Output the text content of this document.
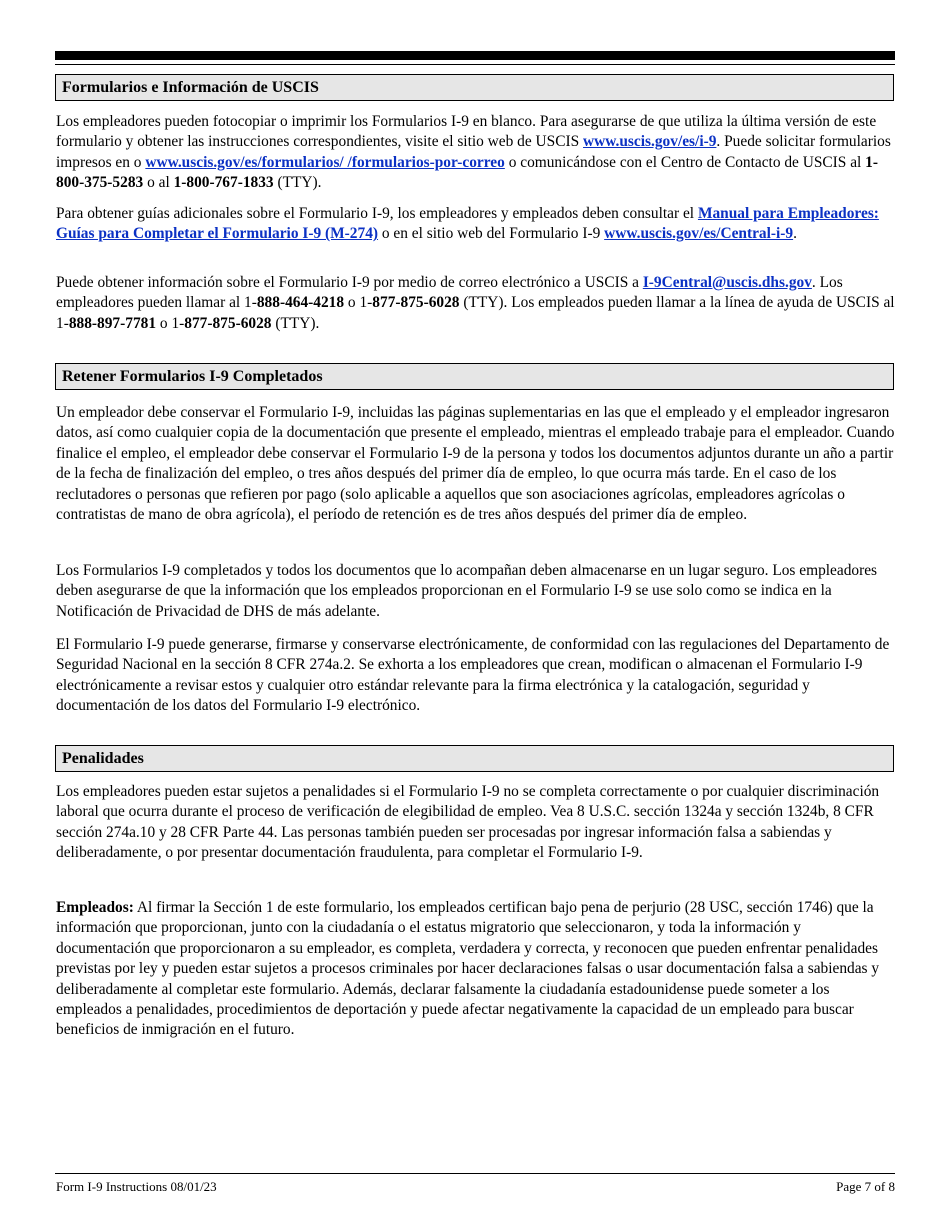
Formularios e Información de USCIS

Los empleadores pueden fotocopiar o imprimir los Formularios I-9 en blanco. Para asegurarse de que utiliza la última versión de este formulario y obtener las instrucciones correspondientes, visite el sitio web de USCIS www.uscis.gov/es/i-9. Puede solicitar formularios impresos en o www.uscis.gov/es/formularios/ /formularios-por-correo o comunicándose con el Centro de Contacto de USCIS al 1-800-375-5283 o al 1-800-767-1833 (TTY).

Para obtener guías adicionales sobre el Formulario I-9, los empleadores y empleados deben consultar el Manual para Empleadores: Guías para Completar el Formulario I-9 (M-274) o en el sitio web del Formulario I-9 www.uscis.gov/es/Central-i-9.

Puede obtener información sobre el Formulario I-9 por medio de correo electrónico a USCIS a I-9Central@uscis.dhs.gov. Los empleadores pueden llamar al 1-888-464-4218 o 1-877-875-6028 (TTY). Los empleados pueden llamar a la línea de ayuda de USCIS al 1-888-897-7781 o 1-877-875-6028 (TTY).

Retener Formularios I-9 Completados

Un empleador debe conservar el Formulario I-9, incluidas las páginas suplementarias en las que el empleado y el empleador ingresaron datos, así como cualquier copia de la documentación que presente el empleado, mientras el empleado trabaje para el empleador. Cuando finalice el empleo, el empleador debe conservar el Formulario I-9 de la persona y todos los documentos adjuntos durante un año a partir de la fecha de finalización del empleo, o tres años después del primer día de empleo, lo que ocurra más tarde. En el caso de los reclutadores o personas que refieren por pago (solo aplicable a aquellos que son asociaciones agrícolas, empleadores agrícolas o contratistas de mano de obra agrícola), el período de retención es de tres años después del primer día de empleo.

Los Formularios I-9 completados y todos los documentos que lo acompañan deben almacenarse en un lugar seguro. Los empleadores deben asegurarse de que la información que los empleados proporcionan en el Formulario I-9 se use solo como se indica en la Notificación de Privacidad de DHS de más adelante.

El Formulario I-9 puede generarse, firmarse y conservarse electrónicamente, de conformidad con las regulaciones del Departamento de Seguridad Nacional en la sección 8 CFR 274a.2. Se exhorta a los empleadores que crean, modifican o almacenan el Formulario I-9 electrónicamente a revisar estos y cualquier otro estándar relevante para la firma electrónica y la catalogación, seguridad y documentación de los datos del Formulario I-9 electrónico.

Penalidades

Los empleadores pueden estar sujetos a penalidades si el Formulario I-9 no se completa correctamente o por cualquier discriminación laboral que ocurra durante el proceso de verificación de elegibilidad de empleo. Vea 8 U.S.C. sección 1324a y sección 1324b, 8 CFR sección 274a.10 y 28 CFR Parte 44. Las personas también pueden ser procesadas por ingresar información falsa a sabiendas y deliberadamente, o por presentar documentación fraudulenta, para completar el Formulario I-9.

Empleados: Al firmar la Sección 1 de este formulario, los empleados certifican bajo pena de perjurio (28 USC, sección 1746) que la información que proporcionan, junto con la ciudadanía o el estatus migratorio que seleccionaron, y toda la información y documentación que proporcionaron a su empleador, es completa, verdadera y correcta, y reconocen que pueden enfrentar penalidades previstas por ley y pueden estar sujetos a procesos criminales por hacer declaraciones falsas o usar documentación falsa a sabiendas y deliberadamente al completar este formulario. Además, declarar falsamente la ciudadanía estadounidense puede someter a los empleados a penalidades, procedimientos de deportación y puede afectar negativamente la capacidad de un empleado para buscar beneficios de inmigración en el futuro.

Form I-9 Instructions 08/01/23	Page 7 of 8
